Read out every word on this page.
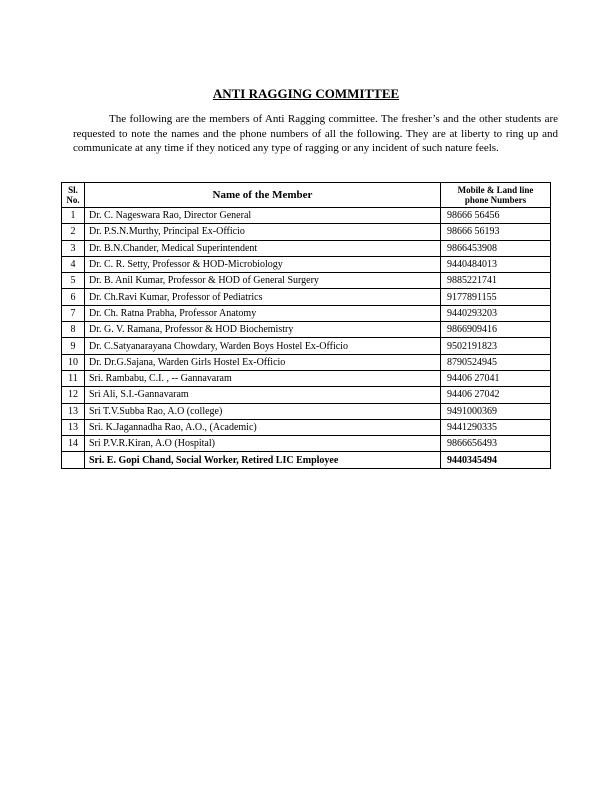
ANTI RAGGING COMMITTEE

The following are the members of Anti Ragging committee. The fresher’s and the other students are requested to note the names and the phone numbers of all the following. They are at liberty to ring up and communicate at any time if they noticed any type of ragging or any incident of such nature feels.

Sl. No.	Name of the Member	Mobile & Land line phone Numbers
1	Dr. C. Nageswara Rao, Director General	98666 56456
2	Dr. P.S.N.Murthy, Principal Ex-Officio	98666 56193
3	Dr. B.N.Chander, Medical Superintendent	9866453908
4	Dr. C. R. Setty, Professor & HOD-Microbiology	9440484013
5	Dr. B. Anil Kumar, Professor & HOD of General Surgery	9885221741
6	Dr. Ch.Ravi Kumar, Professor of Pediatrics	9177891155
7	Dr. Ch. Ratna Prabha, Professor Anatomy	9440293203
8	Dr. G. V. Ramana, Professor & HOD Biochemistry	9866909416
9	Dr. C.Satyanarayana Chowdary, Warden Boys Hostel Ex-Officio	9502191823
10	Dr. Dr.G.Sajana, Warden Girls Hostel Ex-Officio	8790524945
11	Sri. Rambabu, C.I. , -- Gannavaram	94406 27041
12	Sri Ali, S.I.-Gannavaram	94406 27042
13	Sri T.V.Subba Rao, A.O (college)	9491000369
13	Sri. K.Jagannadha Rao, A.O., (Academic)	9441290335
14	Sri P.V.R.Kiran, A.O (Hospital)	9866656493
	Sri. E. Gopi Chand, Social Worker, Retired LIC Employee	9440345494
